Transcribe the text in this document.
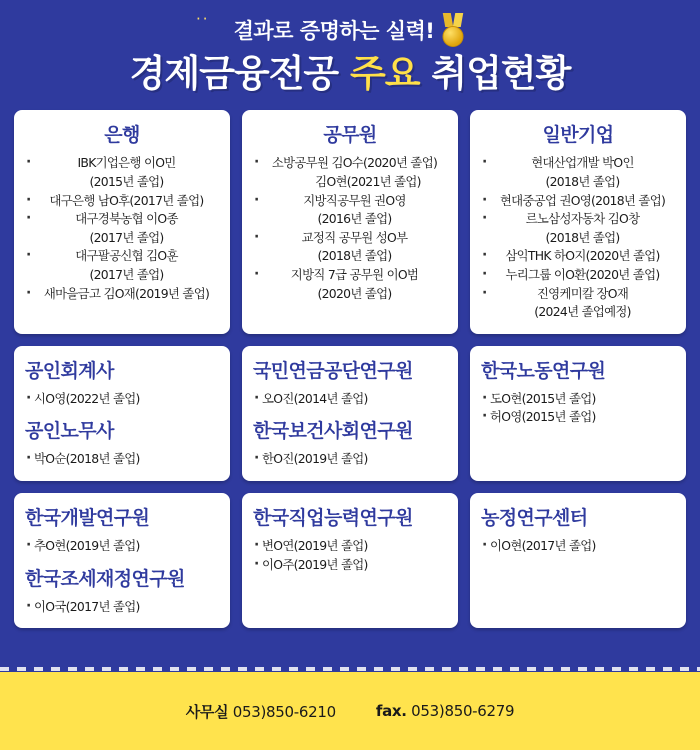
·· 결과로 증명하는 실력!
경제금융전공 주요 취업현황
은행
· IBK기업은행 이O민
(2015년 졸업)
· 대구은행 남O후(2017년 졸업)
· 대구경북농협 이O종
(2017년 졸업)
· 대구팔공신협 김O훈
(2017년 졸업)
· 새마을금고 김O재(2019년 졸업)
공무원
· 소방공무원 김O수(2020년 졸업)
김O현(2021년 졸업)
· 지방직공무원 권O영
(2016년 졸업)
· 교정직 공무원 성O부
(2018년 졸업)
· 지방직 7급 공무원 이O범
(2020년 졸업)
일반기업
· 현대산업개발 박O인
(2018년 졸업)
· 현대중공업 권O영(2018년 졸업)
· 르노삼성자동차 김O창
(2018년 졸업)
· 삼익THK 하O지(2020년 졸업)
· 누리그룹 이O환(2020년 졸업)
· 진영케미칼 장O재
(2024년 졸업예정)
공인회계사
· 시O영(2022년 졸업)
공인노무사
· 박O순(2018년 졸업)
국민연금공단연구원
· 오O진(2014년 졸업)
한국보건사회연구원
· 한O진(2019년 졸업)
한국노동연구원
· 도O현(2015년 졸업)
· 허O영(2015년 졸업)
한국개발연구원
· 추O현(2019년 졸업)
한국조세재정연구원
· 이O국(2017년 졸업)
한국직업능력연구원
· 변O연(2019년 졸업)
· 이O주(2019년 졸업)
농정연구센터
· 이O현(2017년 졸업)
사무실 053)850-6210	fax. 053)850-6279
